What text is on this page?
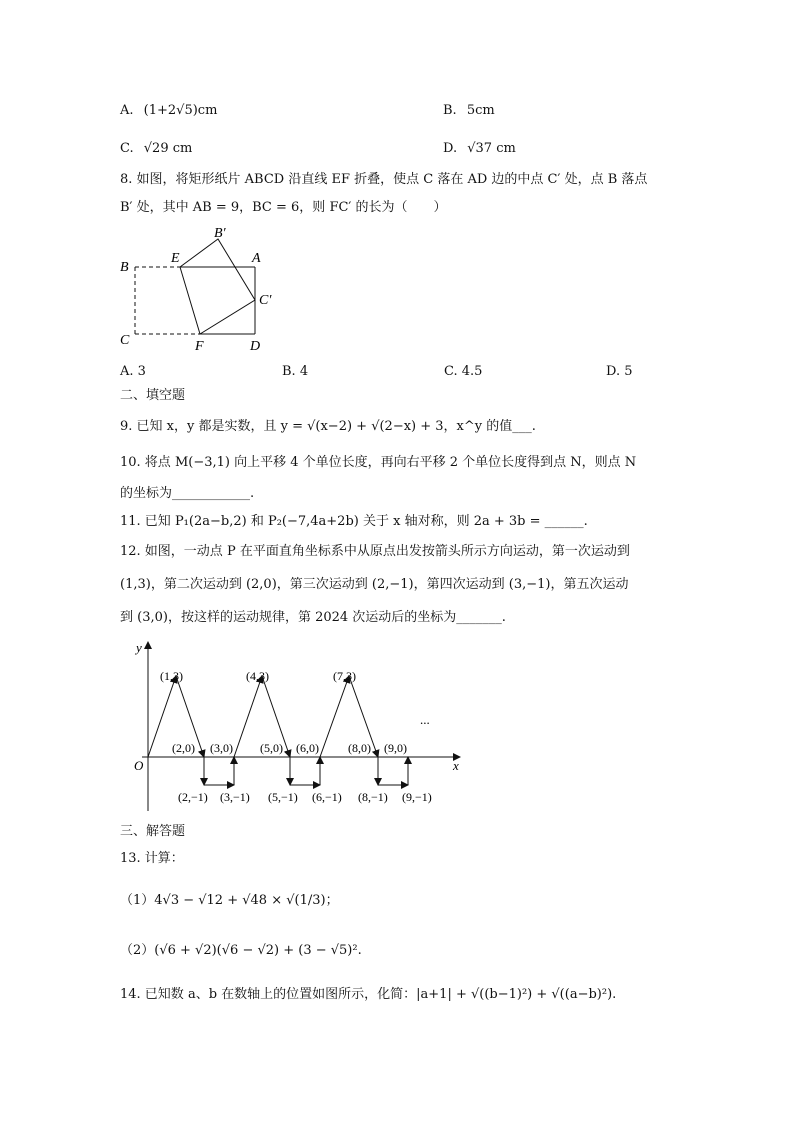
A. (1+2√5)cm	B. 5cm
C. √29 cm	D. √37 cm
8. 如图，将矩形纸片 ABCD 沿直线 EF 折叠，使点 C 落在 AD 边的中点 C′ 处，点 B 落点
B′ 处，其中 AB = 9，BC = 6，则 FC′ 的长为（　　）
B
E
B′
A
C′
C	F	D
A. 3	B. 4	C. 4.5	D. 5
二、填空题
9. 已知 x，y 都是实数，且 y = √(x−2) + √(2−x) + 3，x^y 的值___.
10. 将点 M(−3,1) 向上平移 4 个单位长度，再向右平移 2 个单位长度得到点 N，则点 N
的坐标为____________.
11. 已知 P₁(2a−b,2) 和 P₂(−7,4a+2b) 关于 x 轴对称，则 2a + 3b = ______.
12. 如图，一动点 P 在平面直角坐标系中从原点出发按箭头所示方向运动，第一次运动到
(1,3)，第二次运动到 (2,0)，第三次运动到 (2,−1)，第四次运动到 (3,−1)，第五次运动
到 (3,0)，按这样的运动规律，第 2024 次运动后的坐标为_______.
y
x
O
...
(1,3)	(4,3)	(7,3)
(2,0) (3,0) (5,0) (6,0) (8,0) (9,0)
(2,−1) (3,−1) (5,−1) (6,−1) (8,−1) (9,−1)
三、解答题
13. 计算：
（1）4√3 − √12 + √48 × √(1/3)；
（2）(√6 + √2)(√6 − √2) + (3 − √5)².
14. 已知数 a、b 在数轴上的位置如图所示，化简：|a+1| + √((b−1)²) + √((a−b)²).
